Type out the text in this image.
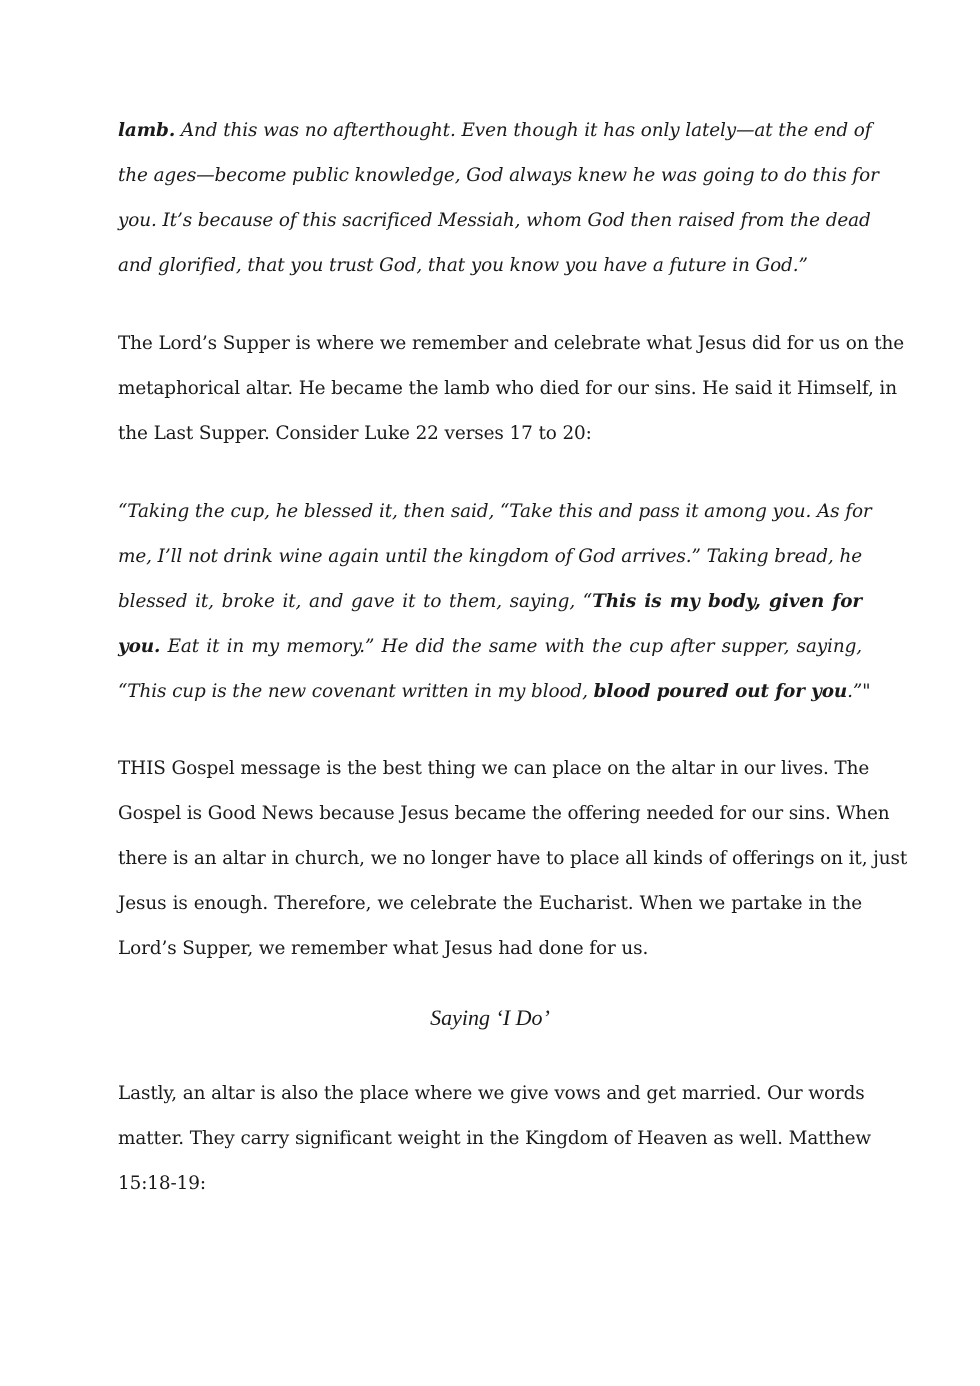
lamb. And this was no afterthought. Even though it has only lately—at the end of
the ages—become public knowledge, God always knew he was going to do this for
you. It’s because of this sacrificed Messiah, whom God then raised from the dead
and glorified, that you trust God, that you know you have a future in God.”

The Lord’s Supper is where we remember and celebrate what Jesus did for us on the
metaphorical altar. He became the lamb who died for our sins. He said it Himself, in
the Last Supper. Consider Luke 22 verses 17 to 20:

“Taking the cup, he blessed it, then said, “Take this and pass it among you. As for
me, I’ll not drink wine again until the kingdom of God arrives.” Taking bread, he
blessed it, broke it, and gave it to them, saying, “This is my body, given for
you. Eat it in my memory.” He did the same with the cup after supper, saying,
“This cup is the new covenant written in my blood, blood poured out for you.”"

THIS Gospel message is the best thing we can place on the altar in our lives. The
Gospel is Good News because Jesus became the offering needed for our sins. When
there is an altar in church, we no longer have to place all kinds of offerings on it, just
Jesus is enough. Therefore, we celebrate the Eucharist. When we partake in the
Lord’s Supper, we remember what Jesus had done for us.

Saying ‘I Do’

Lastly, an altar is also the place where we give vows and get married. Our words
matter. They carry significant weight in the Kingdom of Heaven as well. Matthew
15:18-19:
